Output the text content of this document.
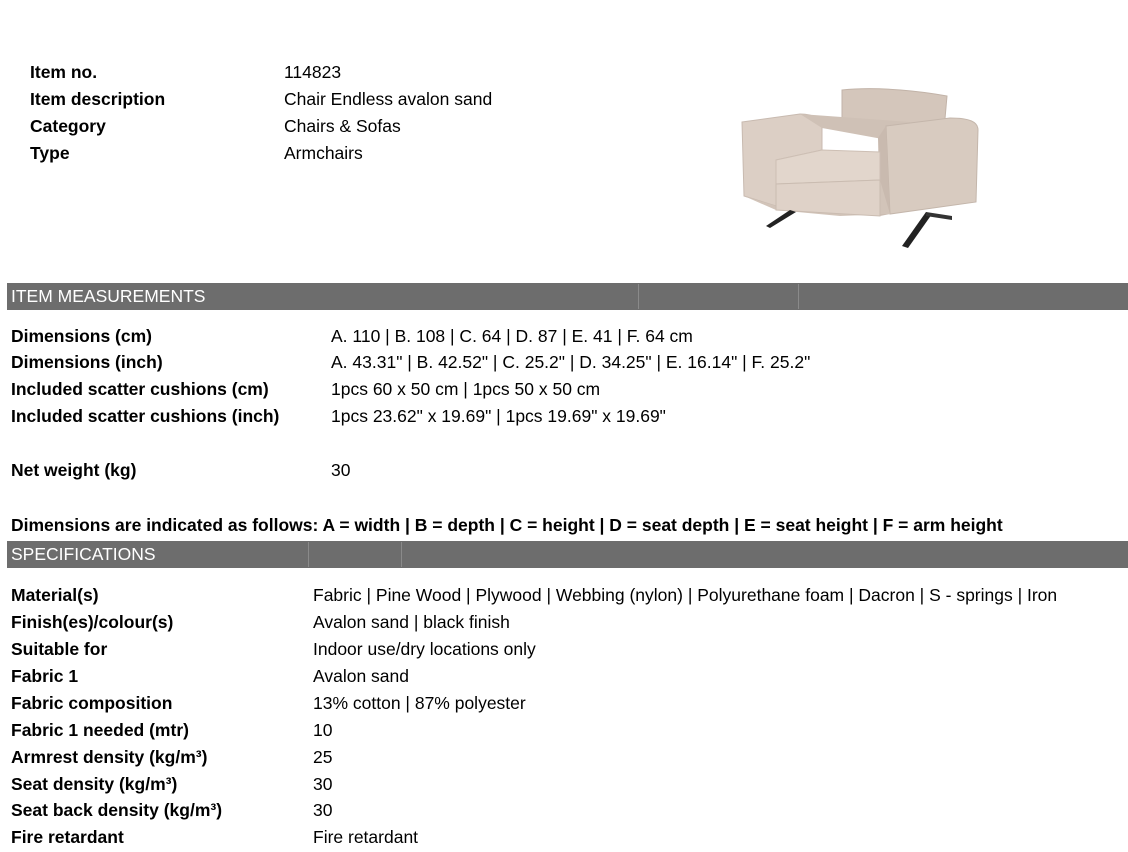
Item no.	114823
Item description	Chair Endless avalon sand
Category	Chairs & Sofas
Type	Armchairs
ITEM MEASUREMENTS
Dimensions (cm)	A. 110 | B. 108 | C. 64 | D. 87 | E. 41 | F. 64 cm
Dimensions (inch)	A. 43.31" | B. 42.52" | C. 25.2" | D. 34.25" | E. 16.14" | F. 25.2"
Included scatter cushions (cm)	1pcs 60 x 50 cm | 1pcs 50 x 50 cm
Included scatter cushions (inch)	1pcs 23.62" x 19.69" | 1pcs 19.69" x 19.69"
Net weight (kg)	30
Dimensions are indicated as follows: A = width | B = depth | C = height | D = seat depth | E = seat height | F = arm height
SPECIFICATIONS
Material(s)	Fabric | Pine Wood | Plywood | Webbing (nylon) | Polyurethane foam | Dacron | S - springs | Iron
Finish(es)/colour(s)	Avalon sand | black finish
Suitable for	Indoor use/dry locations only
Fabric 1	Avalon sand
Fabric composition	13% cotton | 87% polyester
Fabric 1 needed (mtr)	10
Armrest density (kg/m³)	25
Seat density (kg/m³)	30
Seat back density (kg/m³)	30
Fire retardant	Fire retardant
